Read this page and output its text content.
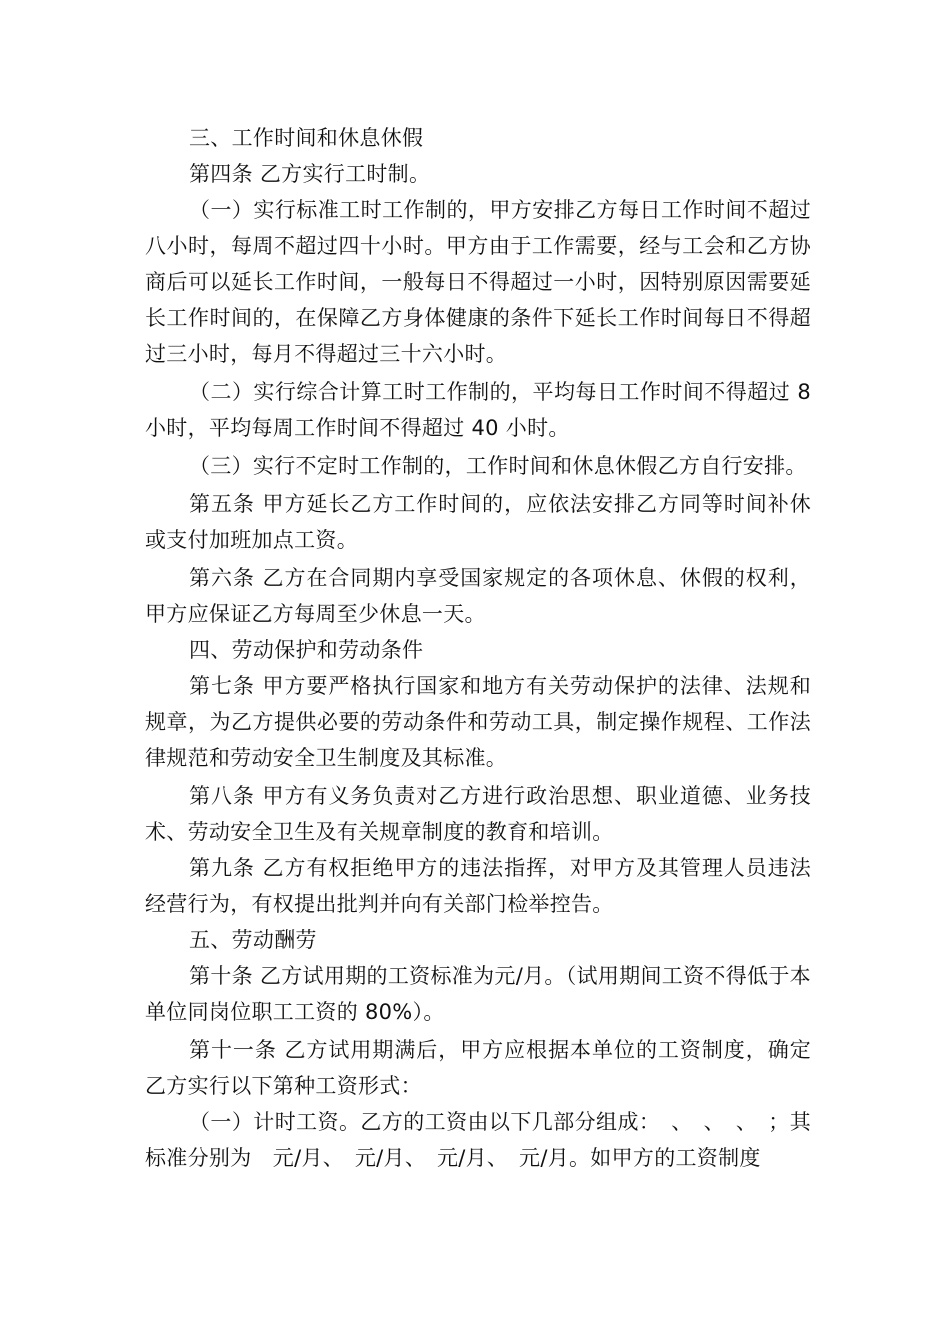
三、工作时间和休息休假

第四条 乙方实行工时制。

（一）实行标准工时工作制的，甲方安排乙方每日工作时间不超过八小时，每周不超过四十小时。甲方由于工作需要，经与工会和乙方协商后可以延长工作时间，一般每日不得超过一小时，因特别原因需要延长工作时间的，在保障乙方身体健康的条件下延长工作时间每日不得超过三小时，每月不得超过三十六小时。

（二）实行综合计算工时工作制的，平均每日工作时间不得超过 8 小时，平均每周工作时间不得超过 40 小时。

（三）实行不定时工作制的，工作时间和休息休假乙方自行安排。

第五条 甲方延长乙方工作时间的，应依法安排乙方同等时间补休或支付加班加点工资。

第六条 乙方在合同期内享受国家规定的各项休息、休假的权利，甲方应保证乙方每周至少休息一天。

四、劳动保护和劳动条件

第七条 甲方要严格执行国家和地方有关劳动保护的法律、法规和规章，为乙方提供必要的劳动条件和劳动工具，制定操作规程、工作法律规范和劳动安全卫生制度及其标准。

第八条 甲方有义务负责对乙方进行政治思想、职业道德、业务技术、劳动安全卫生及有关规章制度的教育和培训。

第九条 乙方有权拒绝甲方的违法指挥，对甲方及其管理人员违法经营行为，有权提出批判并向有关部门检举控告。

五、劳动酬劳

第十条 乙方试用期的工资标准为元/月。（试用期间工资不得低于本单位同岗位职工工资的 80%）。

第十一条 乙方试用期满后，甲方应根据本单位的工资制度，确定乙方实行以下第种工资形式：

（一）计时工资。乙方的工资由以下几部分组成：　、　、　、　；其标准分别为　元/月、　元/月、　元/月、　元/月。如甲方的工资制度
